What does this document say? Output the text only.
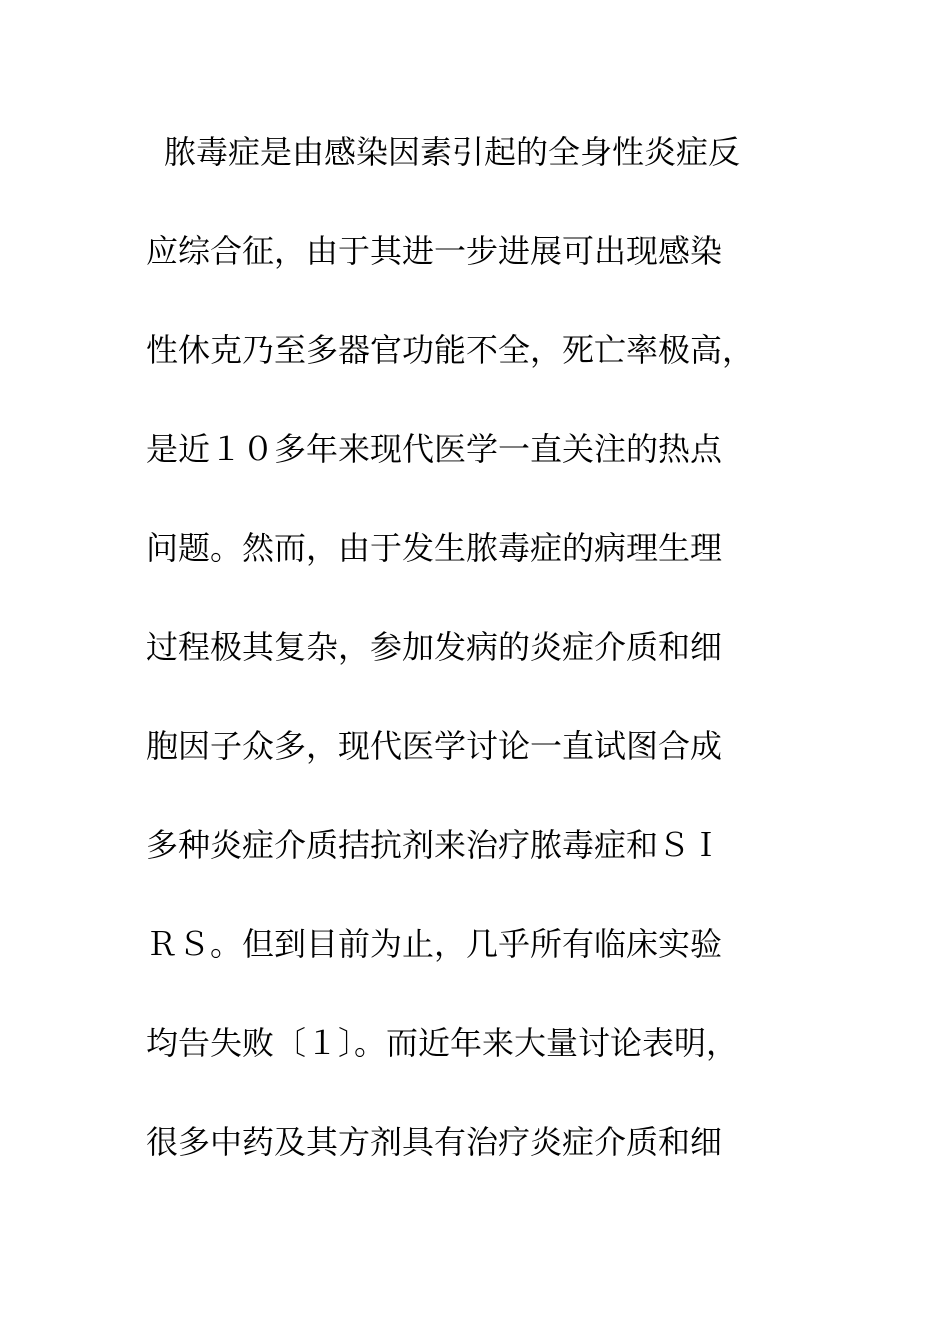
脓毒症是由感染因素引起的全身性炎症反
应综合征，由于其进一步进展可出现感染
性休克乃至多器官功能不全，死亡率极高，
是近１０多年来现代医学一直关注的热点
问题。然而，由于发生脓毒症的病理生理
过程极其复杂，参加发病的炎症介质和细
胞因子众多，现代医学讨论一直试图合成
多种炎症介质拮抗剂来治疗脓毒症和ＳＩ
ＲＳ。但到目前为止，几乎所有临床实验
均告失败〔１〕。而近年来大量讨论表明，
很多中药及其方剂具有治疗炎症介质和细
